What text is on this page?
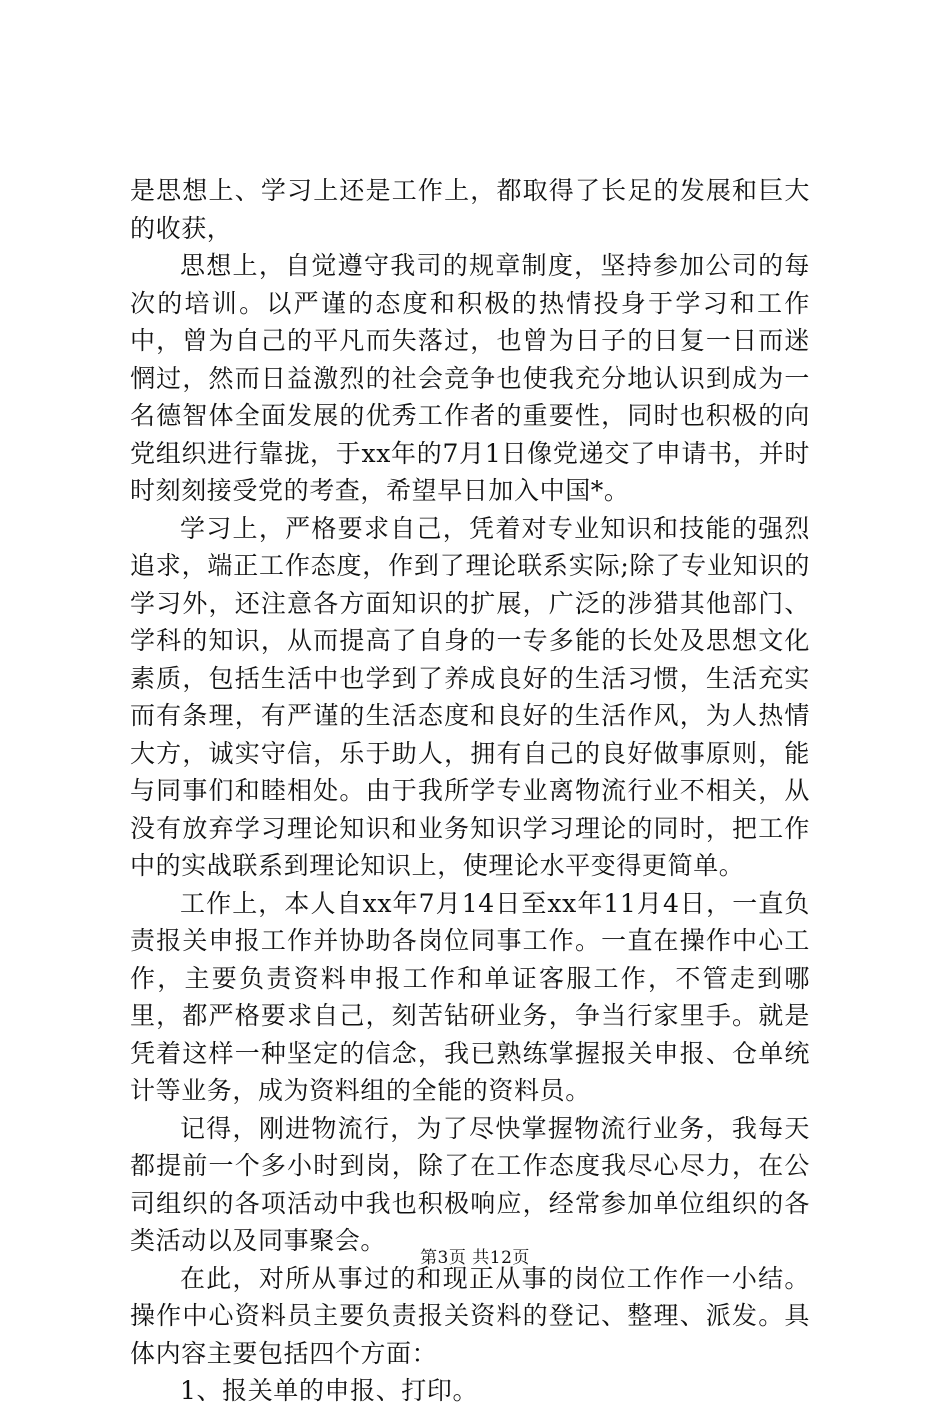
是思想上、学习上还是工作上，都取得了长足的发展和巨大的收获，

思想上，自觉遵守我司的规章制度，坚持参加公司的每次的培训。以严谨的态度和积极的热情投身于学习和工作中，曾为自己的平凡而失落过，也曾为日子的日复一日而迷惘过，然而日益激烈的社会竞争也使我充分地认识到成为一名德智体全面发展的优秀工作者的重要性，同时也积极的向党组织进行靠拢，于xx年的7月1日像党递交了申请书，并时时刻刻接受党的考查，希望早日加入中国*。

学习上，严格要求自己，凭着对专业知识和技能的强烈追求，端正工作态度，作到了理论联系实际;除了专业知识的学习外，还注意各方面知识的扩展，广泛的涉猎其他部门、学科的知识，从而提高了自身的一专多能的长处及思想文化素质，包括生活中也学到了养成良好的生活习惯，生活充实而有条理，有严谨的生活态度和良好的生活作风，为人热情大方，诚实守信，乐于助人，拥有自己的良好做事原则，能与同事们和睦相处。由于我所学专业离物流行业不相关，从没有放弃学习理论知识和业务知识学习理论的同时，把工作中的实战联系到理论知识上，使理论水平变得更简单。

工作上，本人自xx年7月14日至xx年11月4日，一直负责报关申报工作并协助各岗位同事工作。一直在操作中心工作，主要负责资料申报工作和单证客服工作，不管走到哪里，都严格要求自己，刻苦钻研业务，争当行家里手。就是凭着这样一种坚定的信念，我已熟练掌握报关申报、仓单统计等业务，成为资料组的全能的资料员。

记得，刚进物流行，为了尽快掌握物流行业务，我每天都提前一个多小时到岗，除了在工作态度我尽心尽力，在公司组织的各项活动中我也积极响应，经常参加单位组织的各类活动以及同事聚会。

在此，对所从事过的和现正从事的岗位工作作一小结。操作中心资料员主要负责报关资料的登记、整理、派发。具体内容主要包括四个方面：

1、报关单的申报、打印。

第3页 共12页
